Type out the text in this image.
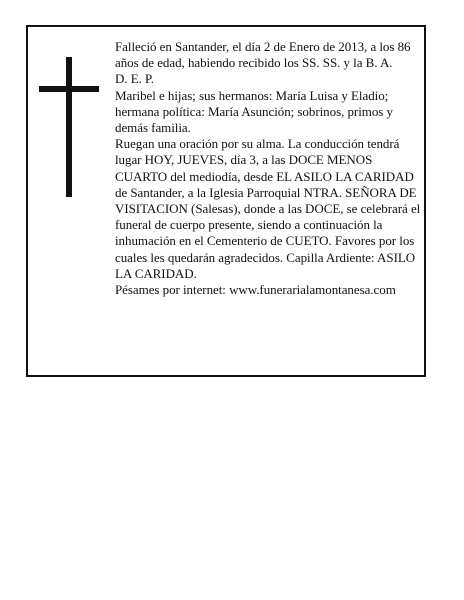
Falleció en Santander, el día 2 de Enero de 2013, a los 86 años de edad, habiendo recibido los SS. SS. y la B. A.

D. E. P.

Maribel e hijas; sus hermanos: María Luisa y Eladio; hermana política: María Asunción; sobrinos, primos y demás familia.

Ruegan una oración por su alma. La conducción tendrá lugar HOY, JUEVES, día 3, a las DOCE MENOS CUARTO del mediodía, desde EL ASILO LA CARIDAD de Santander, a la Iglesia Parroquial NTRA. SEÑORA DE VISITACION (Salesas), donde a las DOCE, se celebrará el funeral de cuerpo presente, siendo a continuación la inhumación en el Cementerio de CUETO. Favores por los cuales les quedarán agradecidos. Capilla Ardiente: ASILO LA CARIDAD.

Pésames por internet: www.funerarialamontanesa.com
